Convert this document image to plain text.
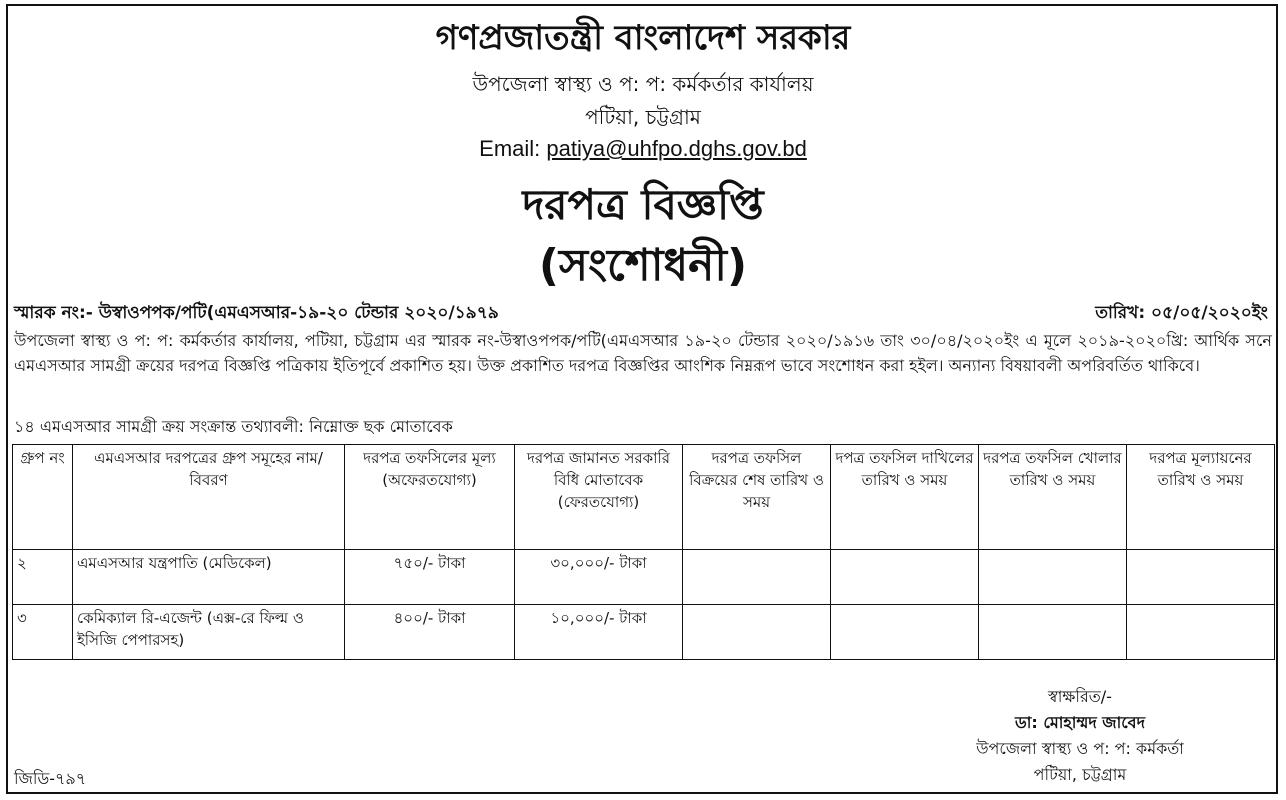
গণপ্রজাতন্ত্রী বাংলাদেশ সরকার
উপজেলা স্বাস্থ্য ও প: প: কর্মকর্তার কার্যালয়
পটিয়া, চট্টগ্রাম
Email: patiya@uhfpo.dghs.gov.bd
দরপত্র বিজ্ঞপ্তি
(সংশোধনী)
স্মারক নং:- উস্বাওপপক/পটি(এমএসআর-১৯-২০ টেন্ডার ২০২০/১৯৭৯	তারিখ: ০৫/০৫/২০২০ইং
উপজেলা স্বাস্থ্য ও প: প: কর্মকর্তার কার্যালয়, পটিয়া, চট্টগ্রাম এর স্মারক নং-উস্বাওপপক/পটি(এমএসআর ১৯-২০ টেন্ডার ২০২০/১৯১৬ তাং ৩০/০৪/২০২০ইং এ মূলে ২০১৯-২০২০খ্রি: আর্থিক সনে এমএসআর সামগ্রী ক্রয়ের দরপত্র বিজ্ঞপ্তি পত্রিকায় ইতিপূর্বে প্রকাশিত হয়। উক্ত প্রকাশিত দরপত্র বিজ্ঞপ্তির আংশিক নিম্নরূপ ভাবে সংশোধন করা হইল। অন্যান্য বিষয়াবলী অপরিবর্তিত থাকিবে।
১৪ এমএসআর সামগ্রী ক্রয় সংক্রান্ত তথ্যাবলী: নিম্নোক্ত ছক মোতাবেক
গ্রুপ নং	এমএসআর দরপত্রের গ্রুপ সমূহের নাম/বিবরণ	দরপত্র তফসিলের মূল্য (অফেরতযোগ্য)	দরপত্র জামানত সরকারি বিধি মোতাবেক (ফেরতযোগ্য)	দরপত্র তফসিল বিক্রয়ের শেষ তারিখ ও সময়	দপত্র তফসিল দাখিলের তারিখ ও সময়	দরপত্র তফসিল খোলার তারিখ ও সময়	দরপত্র মূল্যায়নের তারিখ ও সময়
২	এমএসআর যন্ত্রপাতি (মেডিকেল)	৭৫০/- টাকা	৩০,০০০/- টাকা				
৩	কেমিক্যাল রি-এজেন্ট (এক্স-রে ফিল্ম ও ইসিজি পেপারসহ)	৪০০/- টাকা	১০,০০০/- টাকা				
স্বাক্ষরিত/-
ডা: মোহাম্মদ জাবেদ
উপজেলা স্বাস্থ্য ও প: প: কর্মকর্তা
পটিয়া, চট্টগ্রাম
জিডি-৭৯৭
